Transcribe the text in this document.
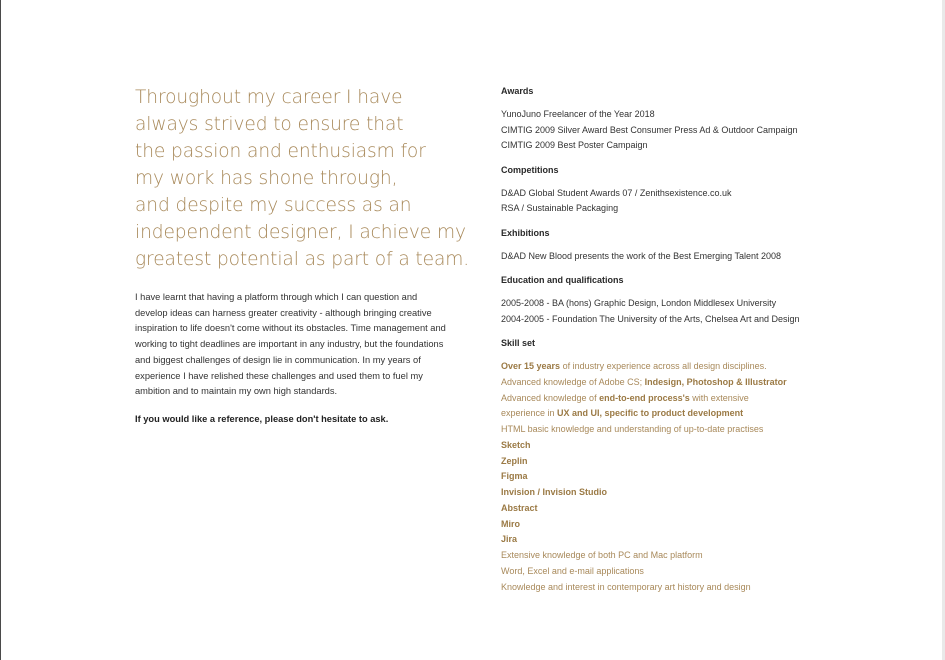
Throughout my career I have
always strived to ensure that
the passion and enthusiasm for
my work has shone through,
and despite my success as an
independent designer, I achieve my
greatest potential as part of a team.

I have learnt that having a platform through which I can question and develop ideas can harness greater creativity - although bringing creative inspiration to life doesn't come without its obstacles. Time management and working to tight deadlines are important in any industry, but the foundations and biggest challenges of design lie in communication. In my years of experience I have relished these challenges and used them to fuel my ambition and to maintain my own high standards.

If you would like a reference, please don't hesitate to ask.

Awards
YunoJuno Freelancer of the Year 2018
CIMTIG 2009 Silver Award Best Consumer Press Ad & Outdoor Campaign
CIMTIG 2009 Best Poster Campaign
Competitions
D&AD Global Student Awards 07 / Zenithsexistence.co.uk
RSA / Sustainable Packaging
Exhibitions
D&AD New Blood presents the work of the Best Emerging Talent 2008
Education and qualifications
2005-2008 - BA (hons) Graphic Design, London Middlesex University
2004-2005 - Foundation The University of the Arts, Chelsea Art and Design
Skill set
Over 15 years of industry experience across all design disciplines.
Advanced knowledge of Adobe CS; Indesign, Photoshop & Illustrator
Advanced knowledge of end-to-end process's with extensive
experience in UX and UI, specific to product development
HTML basic knowledge and understanding of up-to-date practises
Sketch
Zeplin
Figma
Invision / Invision Studio
Abstract
Miro
Jira
Extensive knowledge of both PC and Mac platform
Word, Excel and e-mail applications
Knowledge and interest in contemporary art history and design
